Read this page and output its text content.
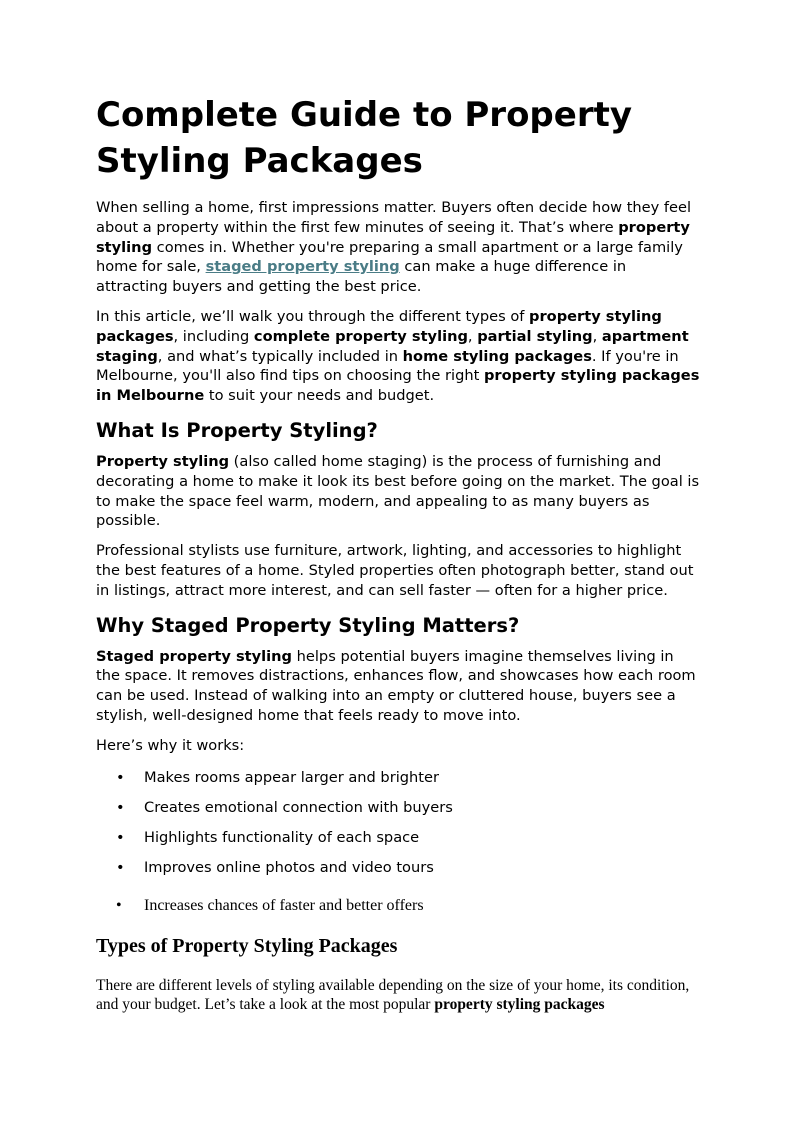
Complete Guide to Property Styling Packages

When selling a home, first impressions matter. Buyers often decide how they feel about a property within the first few minutes of seeing it. That’s where property styling comes in. Whether you're preparing a small apartment or a large family home for sale, staged property styling can make a huge difference in attracting buyers and getting the best price.

In this article, we’ll walk you through the different types of property styling packages, including complete property styling, partial styling, apartment staging, and what’s typically included in home styling packages. If you're in Melbourne, you'll also find tips on choosing the right property styling packages in Melbourne to suit your needs and budget.

What Is Property Styling?

Property styling (also called home staging) is the process of furnishing and decorating a home to make it look its best before going on the market. The goal is to make the space feel warm, modern, and appealing to as many buyers as possible.

Professional stylists use furniture, artwork, lighting, and accessories to highlight the best features of a home. Styled properties often photograph better, stand out in listings, attract more interest, and can sell faster — often for a higher price.

Why Staged Property Styling Matters?

Staged property styling helps potential buyers imagine themselves living in the space. It removes distractions, enhances flow, and showcases how each room can be used. Instead of walking into an empty or cluttered house, buyers see a stylish, well-designed home that feels ready to move into.

Here’s why it works:

• Makes rooms appear larger and brighter
• Creates emotional connection with buyers
• Highlights functionality of each space
• Improves online photos and video tours
• Increases chances of faster and better offers
Types of Property Styling Packages

There are different levels of styling available depending on the size of your home, its condition, and your budget. Let’s take a look at the most popular property styling packages
